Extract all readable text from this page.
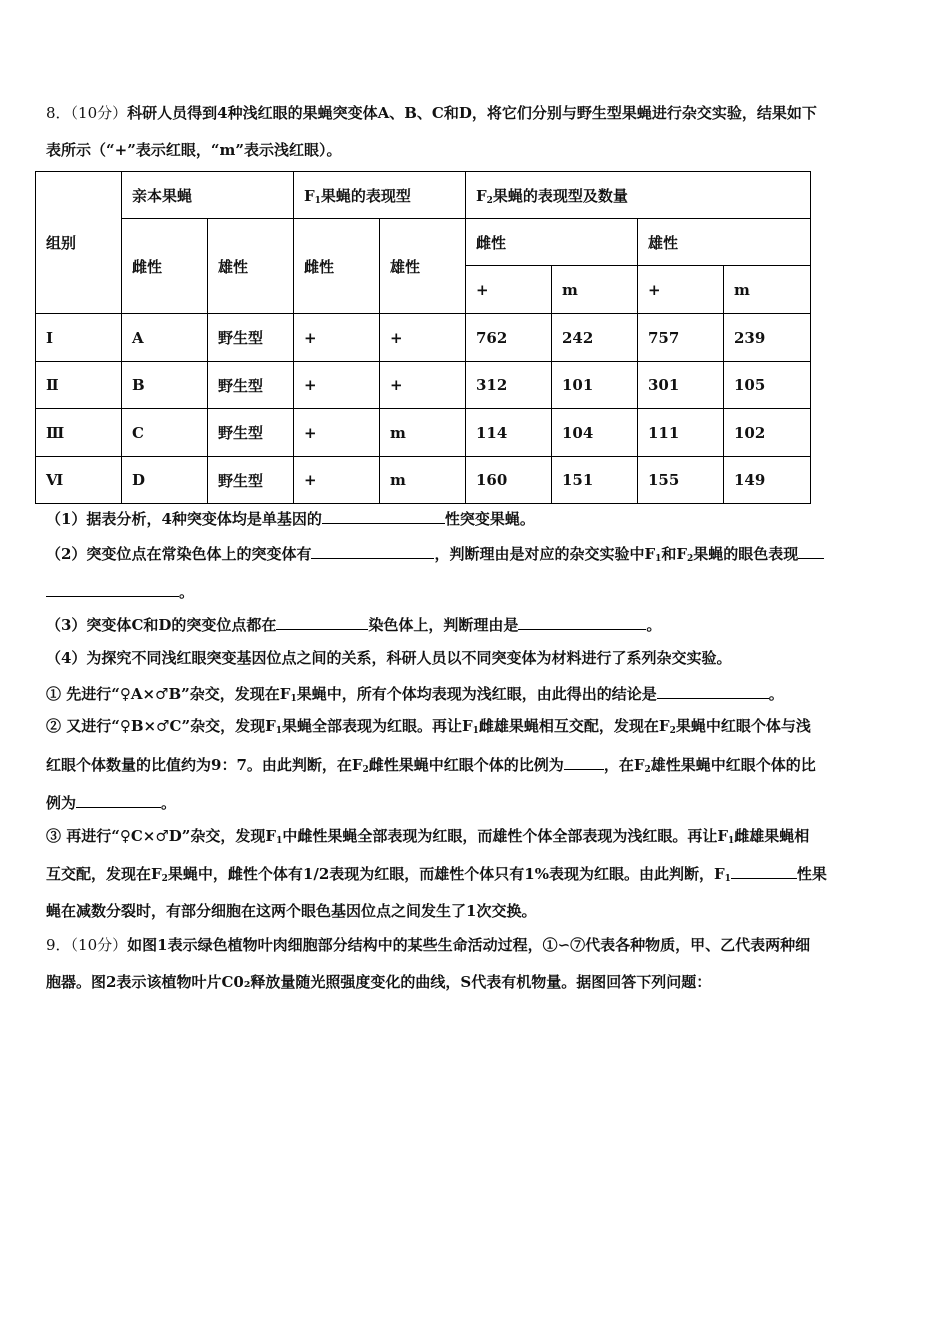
8．（10分）科研人员得到4种浅红眼的果蝇突变体A、B、C和D，将它们分别与野生型果蝇进行杂交实验，结果如下
表所示（“+”表示红眼，“m”表示浅红眼）。
组别	亲本果蝇		$F_1$果蝇的表现型		$F_2$果蝇的表现型及数量			
	雌性	雄性	雌性	雄性	雌性		雄性	
					+	m	+	m
Ⅰ	A	野生型	+	+	762	242	757	239
Ⅱ	B	野生型	+	+	312	101	301	105
Ⅲ	C	野生型	+	m	114	104	111	102
Ⅵ	D	野生型	+	m	160	151	155	149
（1）据表分析，4种突变体均是单基因的	性突变果蝇。
（2）突变位点在常染色体上的突变体有	，判断理由是对应的杂交实验中$F_1$和$F_2$果蝇的眼色表现
。
（3）突变体C和D的突变位点都在	染色体上，判断理由是	。
（4）为探究不同浅红眼突变基因位点之间的关系，科研人员以不同突变体为材料进行了系列杂交实验。
① 先进行“♀A×♂B”杂交，发现在$F_1$果蝇中，所有个体均表现为浅红眼，由此得出的结论是	。
② 又进行“♀B×♂C”杂交，发现$F_1$果蝇全部表现为红眼。再让$F_1$雌雄果蝇相互交配，发现在$F_2$果蝇中红眼个体与浅
红眼个体数量的比值约为9：7。由此判断，在$F_2$雌性果蝇中红眼个体的比例为	，在$F_2$雄性果蝇中红眼个体的比
例为	。
③ 再进行“♀C×♂D”杂交，发现$F_1$中雌性果蝇全部表现为红眼，而雄性个体全部表现为浅红眼。再让$F_1$雌雄果蝇相
互交配，发现在$F_2$果蝇中，雌性个体有1/2表现为红眼，而雄性个体只有1%表现为红眼。由此判断，$F_1$	性果
蝇在减数分裂时，有部分细胞在这两个眼色基因位点之间发生了1次交换。
9．（10分）如图1表示绿色植物叶肉细胞部分结构中的某些生命活动过程，①∽⑦代表各种物质，甲、乙代表两种细
胞器。图2表示该植物叶片C0₂释放量随光照强度变化的曲线，S代表有机物量。据图回答下列问题：
